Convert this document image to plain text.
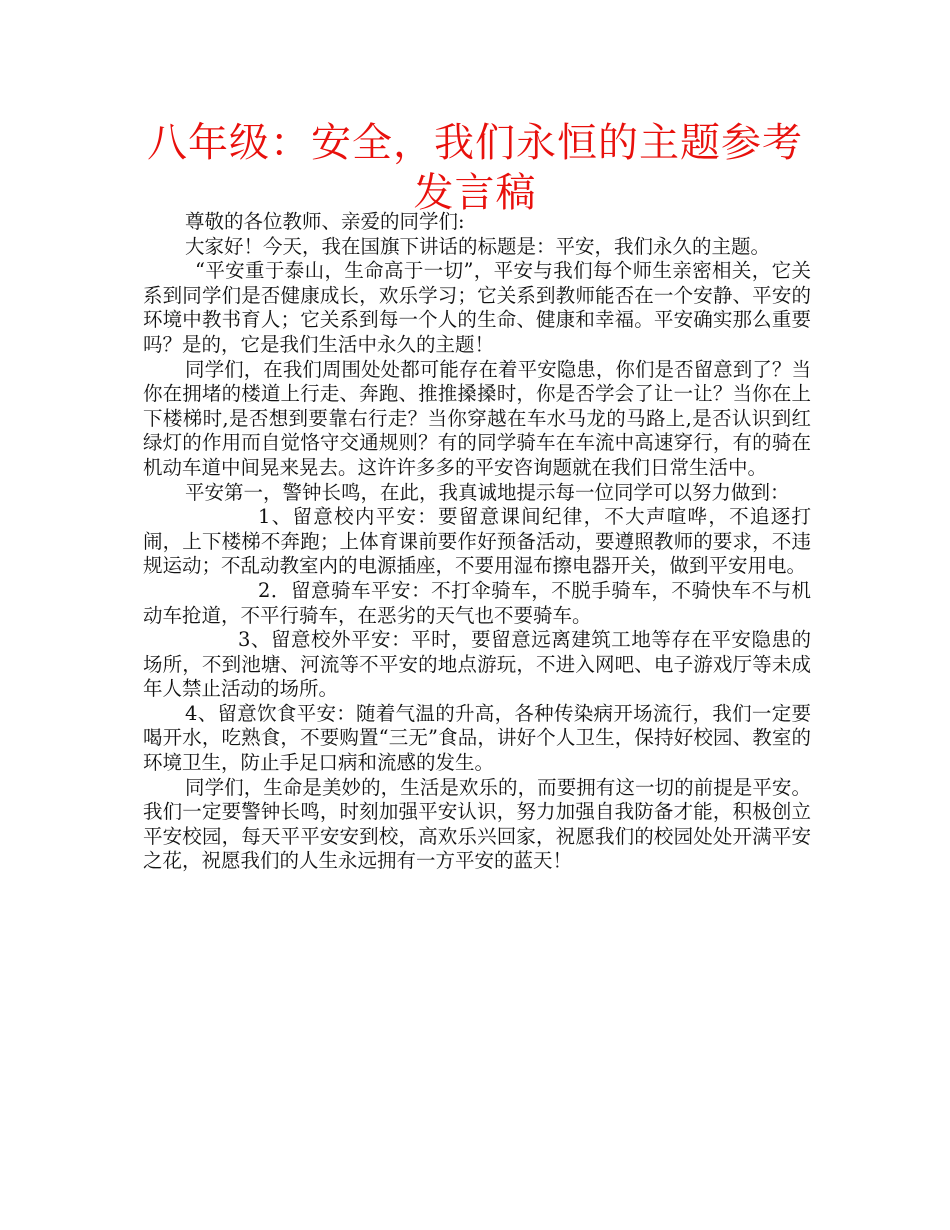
八年级：安全，我们永恒的主题参考发言稿

尊敬的各位教师、亲爱的同学们:

大家好！今天，我在国旗下讲话的标题是：平安，我们永久的主题。

“平安重于泰山，生命高于一切”，平安与我们每个师生亲密相关，它关系到同学们是否健康成长，欢乐学习；它关系到教师能否在一个安静、平安的环境中教书育人；它关系到每一个人的生命、健康和幸福。平安确实那么重要吗？是的，它是我们生活中永久的主题！

同学们，在我们周围处处都可能存在着平安隐患，你们是否留意到了？当你在拥堵的楼道上行走、奔跑、推推搡搡时，你是否学会了让一让？当你在上下楼梯时,是否想到要靠右行走？当你穿越在车水马龙的马路上,是否认识到红绿灯的作用而自觉恪守交通规则？有的同学骑车在车流中高速穿行，有的骑在机动车道中间晃来晃去。这许许多多的平安咨询题就在我们日常生活中。

平安第一，警钟长鸣，在此，我真诚地提示每一位同学可以努力做到：

1、留意校内平安：要留意课间纪律，不大声喧哗，不追逐打闹，上下楼梯不奔跑；上体育课前要作好预备活动，要遵照教师的要求，不违规运动；不乱动教室内的电源插座，不要用湿布擦电器开关，做到平安用电。

2．留意骑车平安：不打伞骑车，不脱手骑车，不骑快车不与机动车抢道，不平行骑车，在恶劣的天气也不要骑车。

3、留意校外平安：平时，要留意远离建筑工地等存在平安隐患的场所，不到池塘、河流等不平安的地点游玩，不进入网吧、电子游戏厅等未成年人禁止活动的场所。

4、留意饮食平安：随着气温的升高，各种传染病开场流行，我们一定要喝开水，吃熟食，不要购置“三无”食品，讲好个人卫生，保持好校园、教室的环境卫生，防止手足口病和流感的发生。

同学们，生命是美妙的，生活是欢乐的，而要拥有这一切的前提是平安。我们一定要警钟长鸣，时刻加强平安认识，努力加强自我防备才能，积极创立平安校园，每天平平安安到校，高欢乐兴回家，祝愿我们的校园处处开满平安之花，祝愿我们的人生永远拥有一方平安的蓝天！
